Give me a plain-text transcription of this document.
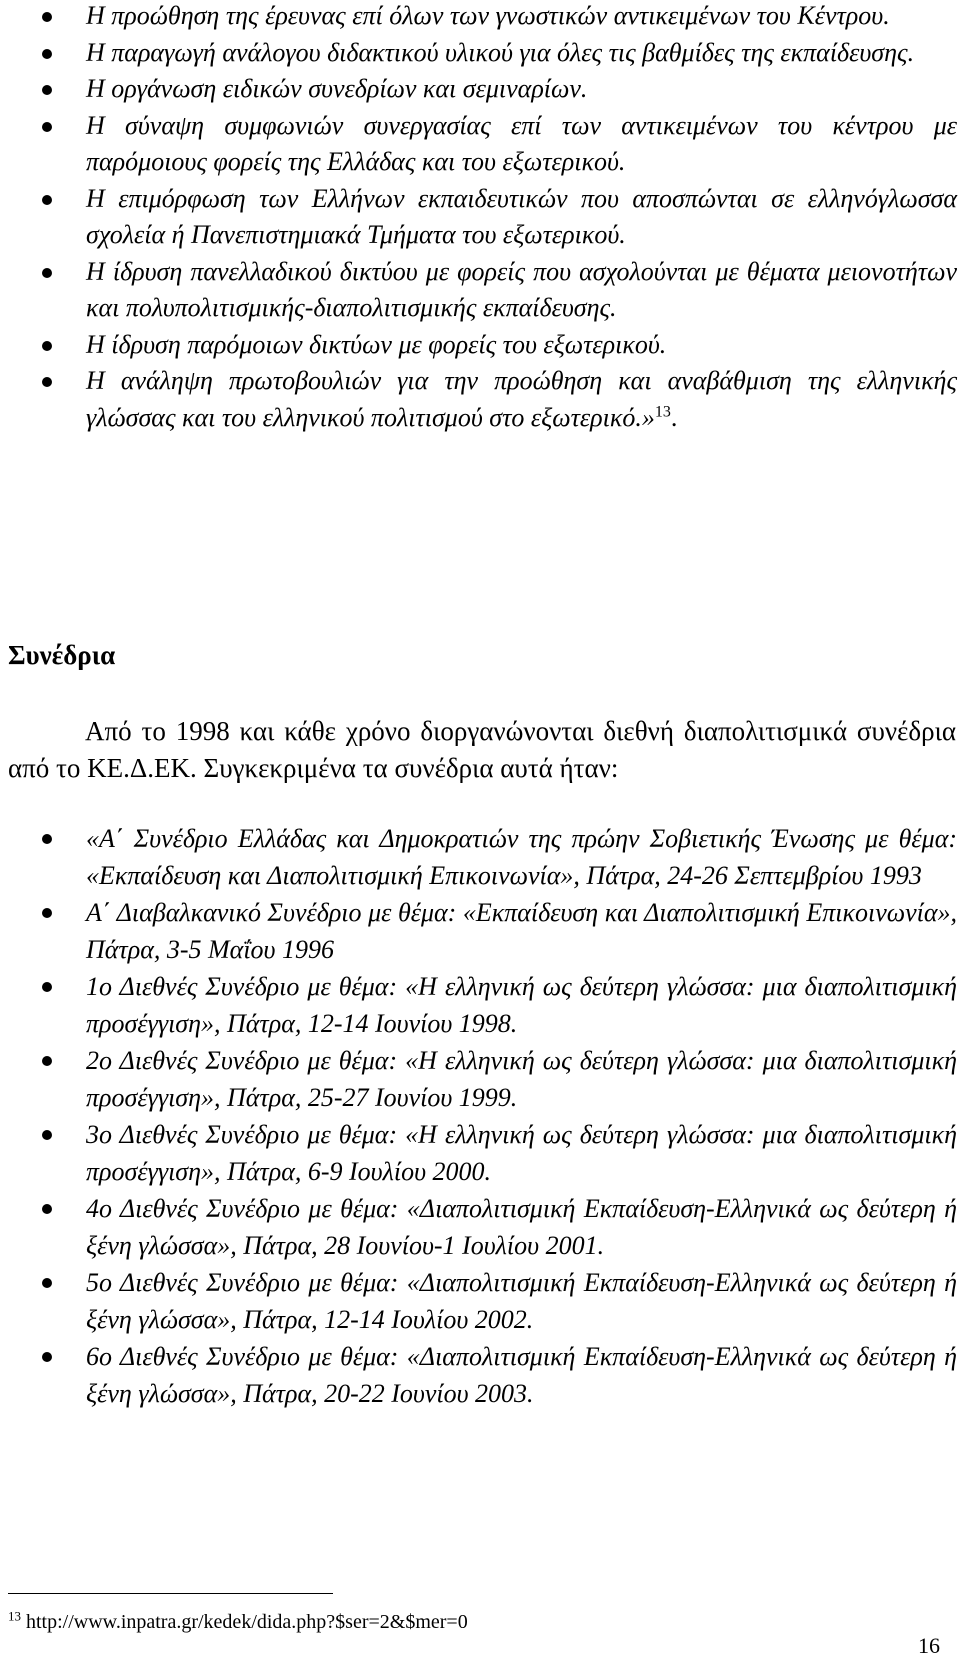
Η προώθηση της έρευνας επί όλων των γνωστικών αντικειμένων του Κέντρου.
Η παραγωγή ανάλογου διδακτικού υλικού για όλες τις βαθμίδες της εκπαίδευσης.
Η οργάνωση ειδικών συνεδρίων και σεμιναρίων.
Η σύναψη συμφωνιών συνεργασίας επί των αντικειμένων του κέντρου με παρόμοιους φορείς της Ελλάδας και του εξωτερικού.
Η επιμόρφωση των Ελλήνων εκπαιδευτικών που αποσπώνται σε ελληνόγλωσσα σχολεία ή Πανεπιστημιακά Τμήματα του εξωτερικού.
Η ίδρυση πανελλαδικού δικτύου με φορείς που ασχολούνται με θέματα μειονοτήτων και πολυπολιτισμικής-διαπολιτισμικής εκπαίδευσης.
Η ίδρυση παρόμοιων δικτύων με φορείς του εξωτερικού.
Η ανάληψη πρωτοβουλιών για την προώθηση και αναβάθμιση της ελληνικής γλώσσας και του ελληνικού πολιτισμού στο εξωτερικό.»$^{13}$.
Συνέδρια

Από το 1998 και κάθε χρόνο διοργανώνονται διεθνή διαπολιτισμικά συνέδρια από το ΚΕ.Δ.ΕΚ. Συγκεκριμένα τα συνέδρια αυτά ήταν:

«Α΄ Συνέδριο Ελλάδας και Δημοκρατιών της πρώην Σοβιετικής Ένωσης με θέμα: «Εκπαίδευση και Διαπολιτισμική Επικοινωνία», Πάτρα, 24-26 Σεπτεμβρίου 1993
Α΄ Διαβαλκανικό Συνέδριο με θέμα: «Εκπαίδευση και Διαπολιτισμική Επικοινωνία», Πάτρα, 3-5 Μαΐου 1996
1ο Διεθνές Συνέδριο με θέμα: «Η ελληνική ως δεύτερη γλώσσα: μια διαπολιτισμική προσέγγιση», Πάτρα, 12-14 Ιουνίου 1998.
2ο Διεθνές Συνέδριο με θέμα: «Η ελληνική ως δεύτερη γλώσσα: μια διαπολιτισμική προσέγγιση», Πάτρα, 25-27 Ιουνίου 1999.
3ο Διεθνές Συνέδριο με θέμα: «Η ελληνική ως δεύτερη γλώσσα: μια διαπολιτισμική προσέγγιση», Πάτρα, 6-9 Ιουλίου 2000.
4ο Διεθνές Συνέδριο με θέμα: «Διαπολιτισμική Εκπαίδευση-Ελληνικά ως δεύτερη ή ξένη γλώσσα», Πάτρα, 28 Ιουνίου-1 Ιουλίου 2001.
5ο Διεθνές Συνέδριο με θέμα: «Διαπολιτισμική Εκπαίδευση-Ελληνικά ως δεύτερη ή ξένη γλώσσα», Πάτρα, 12-14 Ιουλίου 2002.
6ο Διεθνές Συνέδριο με θέμα: «Διαπολιτισμική Εκπαίδευση-Ελληνικά ως δεύτερη ή ξένη γλώσσα», Πάτρα, 20-22 Ιουνίου 2003.

$^{13}$ http://www.inpatra.gr/kedek/dida.php?$ser=2&$mer=0

16
